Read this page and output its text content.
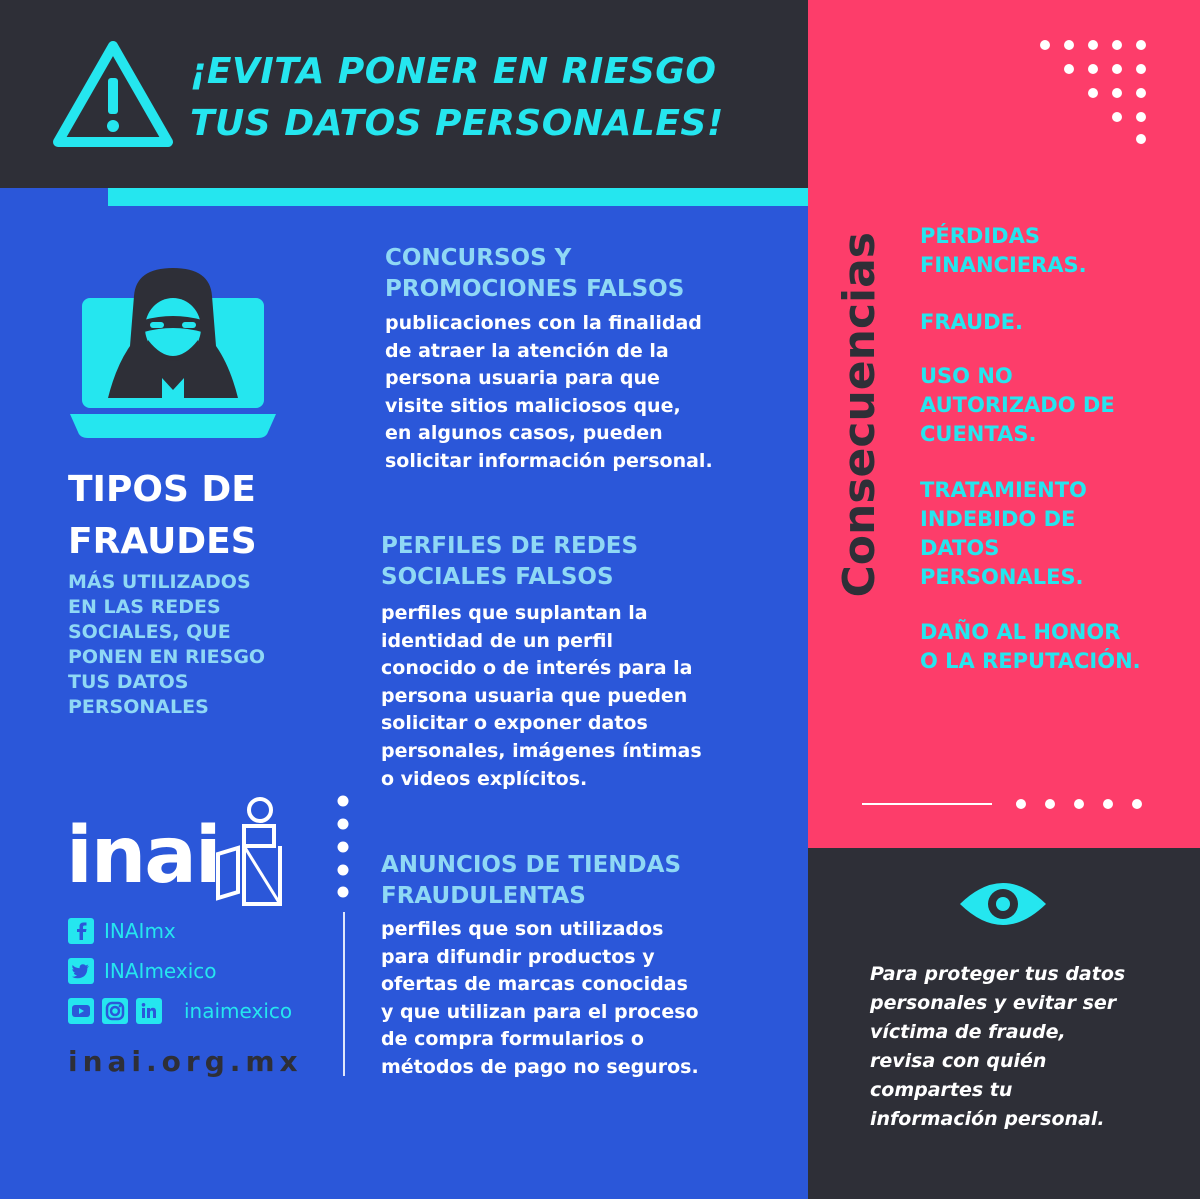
¡EVITA PONER EN RIESGO
TUS DATOS PERSONALES!
Consecuencias PÉRDIDAS
FINANCIERAS.
FRAUDE.
USO NO
AUTORIZADO DE
CUENTAS.
TRATAMIENTO
INDEBIDO DE
DATOS
PERSONALES.
DAÑO AL HONOR
O LA REPUTACIÓN.
Para proteger tus datos
personales y evitar ser
víctima de fraude,
revisa con quién
compartes tu
información personal.
TIPOS DE
FRAUDES
MÁS UTILIZADOS
EN LAS REDES
SOCIALES, QUE
PONEN EN RIESGO
TUS DATOS
PERSONALES
CONCURSOS Y
PROMOCIONES FALSOS
publicaciones con la finalidad
de atraer la atención de la
persona usuaria para que
visite sitios maliciosos que,
en algunos casos, pueden
solicitar información personal.
PERFILES DE REDES
SOCIALES FALSOS
perfiles que suplantan la
identidad de un perfil
conocido o de interés para la
persona usuaria que pueden
solicitar o exponer datos
personales, imágenes íntimas
o videos explícitos.
ANUNCIOS DE TIENDAS
FRAUDULENTAS
perfiles que son utilizados
para difundir productos y
ofertas de marcas conocidas
y que utilizan para el proceso
de compra formularios o
métodos de pago no seguros.
inai
INAImx
INAImexico
inaimexico
inai.org.mx
